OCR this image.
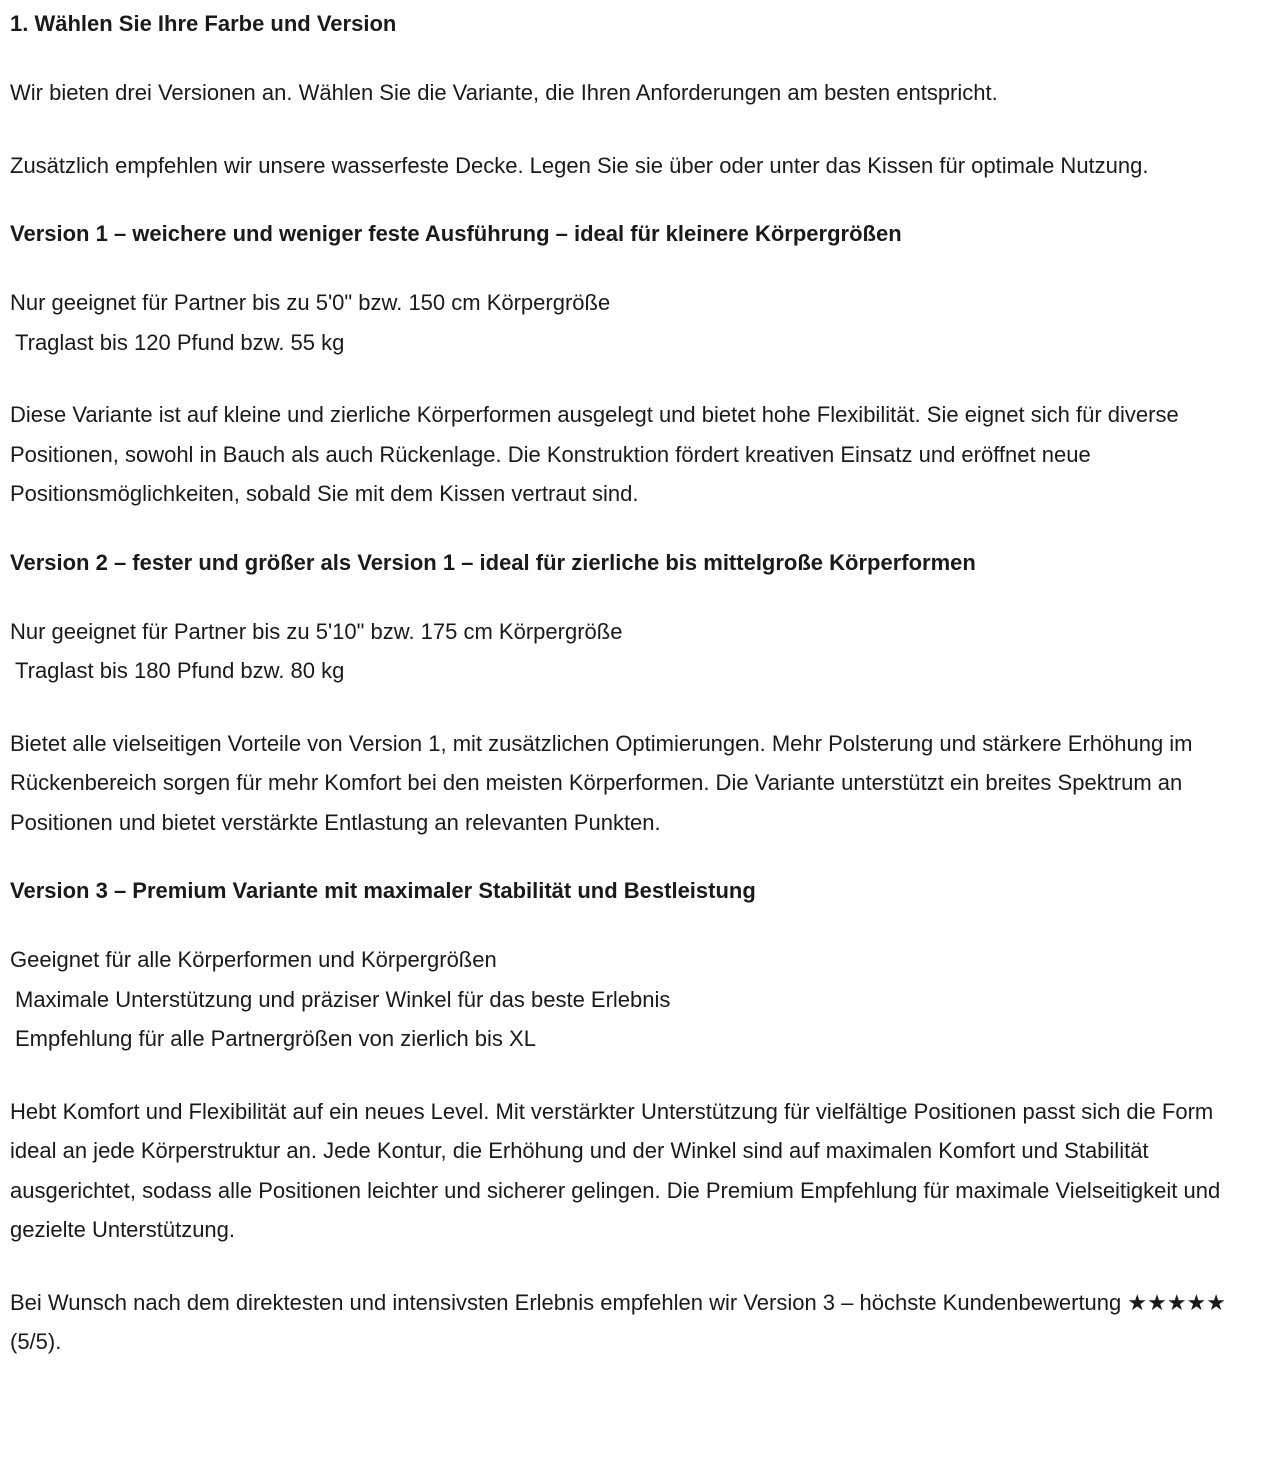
1. Wählen Sie Ihre Farbe und Version

Wir bieten drei Versionen an. Wählen Sie die Variante, die Ihren Anforderungen am besten entspricht.

Zusätzlich empfehlen wir unsere wasserfeste Decke. Legen Sie sie über oder unter das Kissen für optimale Nutzung.

Version 1 – weichere und weniger feste Ausführung – ideal für kleinere Körpergrößen

Nur geeignet für Partner bis zu 5'0" bzw. 150 cm Körpergröße

Traglast bis 120 Pfund bzw. 55 kg

Diese Variante ist auf kleine und zierliche Körperformen ausgelegt und bietet hohe Flexibilität. Sie eignet sich für diverse Positionen, sowohl in Bauch als auch Rückenlage. Die Konstruktion fördert kreativen Einsatz und eröffnet neue Positionsmöglichkeiten, sobald Sie mit dem Kissen vertraut sind.

Version 2 – fester und größer als Version 1 – ideal für zierliche bis mittelgroße Körperformen

Nur geeignet für Partner bis zu 5'10" bzw. 175 cm Körpergröße

Traglast bis 180 Pfund bzw. 80 kg

Bietet alle vielseitigen Vorteile von Version 1, mit zusätzlichen Optimierungen. Mehr Polsterung und stärkere Erhöhung im Rückenbereich sorgen für mehr Komfort bei den meisten Körperformen. Die Variante unterstützt ein breites Spektrum an Positionen und bietet verstärkte Entlastung an relevanten Punkten.

Version 3 – Premium Variante mit maximaler Stabilität und Bestleistung

Geeignet für alle Körperformen und Körpergrößen

Maximale Unterstützung und präziser Winkel für das beste Erlebnis

Empfehlung für alle Partnergrößen von zierlich bis XL

Hebt Komfort und Flexibilität auf ein neues Level. Mit verstärkter Unterstützung für vielfältige Positionen passt sich die Form ideal an jede Körperstruktur an. Jede Kontur, die Erhöhung und der Winkel sind auf maximalen Komfort und Stabilität ausgerichtet, sodass alle Positionen leichter und sicherer gelingen. Die Premium Empfehlung für maximale Vielseitigkeit und gezielte Unterstützung.

Bei Wunsch nach dem direktesten und intensivsten Erlebnis empfehlen wir Version 3 – höchste Kundenbewertung ★★★★★ (5/5).
